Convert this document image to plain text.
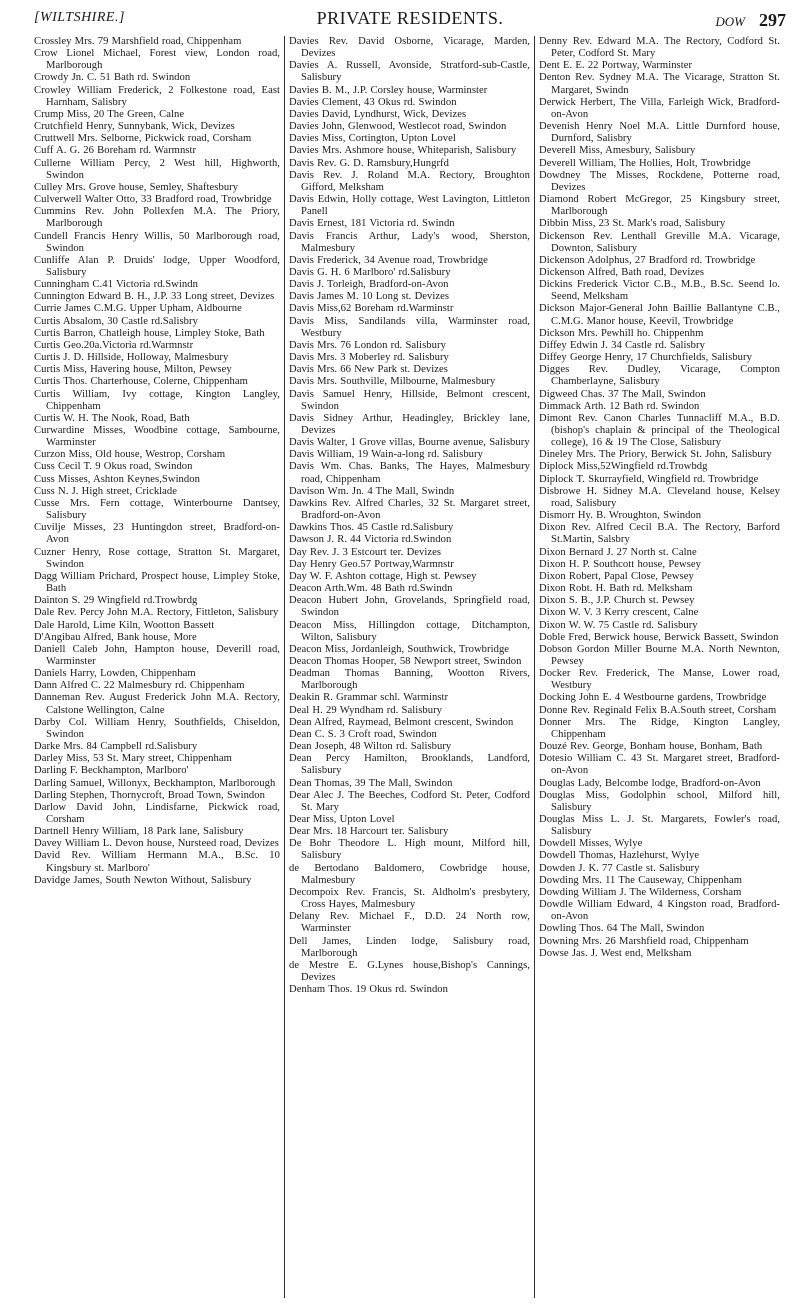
[WILTSHIRE.]	PRIVATE RESIDENTS.	DOW 297
Crossley Mrs. 79 Marshfield road, Chippenham
Crow Lionel Michael, Forest view, London road, Marlborough
Crowdy Jn. C. 51 Bath rd. Swindon
Crowley William Frederick, 2 Folkestone road, East Harnham, Salisbry
Crump Miss, 20 The Green, Calne
Crutchfield Henry, Sunnybank, Wick, Devizes
Cruttwell Mrs. Selborne, Pickwick road, Corsham
Cuff A. G. 26 Boreham rd. Warmnstr
Cullerne William Percy, 2 West hill, Highworth, Swindon
Culley Mrs. Grove house, Semley, Shaftesbury
Culverwell Walter Otto, 33 Bradford road, Trowbridge
Cummins Rev. John Pollexfen M.A. The Priory, Marlborough
Cundell Francis Henry Willis, 50 Marlborough road, Swindon
Cunliffe Alan P. Druids' lodge, Upper Woodford, Salisbury
Cunningham C.41 Victoria rd.Swindn
Cunnington Edward B. H., J.P. 33 Long street, Devizes
Currie James C.M.G. Upper Upham, Aldbourne
Curtis Absalom, 30 Castle rd.Salisbry
Curtis Barron, Chatleigh house, Limpley Stoke, Bath
Curtis Geo.20a.Victoria rd.Warmnstr
Curtis J. D. Hillside, Holloway, Malmesbury
Curtis Miss, Havering house, Milton, Pewsey
Curtis Thos. Charterhouse, Colerne, Chippenham
Curtis William, Ivy cottage, Kington Langley, Chippenham
Curtis W. H. The Nook, Road, Bath
Curwardine Misses, Woodbine cottage, Sambourne, Warminster
Curzon Miss, Old house, Westrop, Corsham
Cuss Cecil T. 9 Okus road, Swindon
Cuss Misses, Ashton Keynes,Swindon
Cuss N. J. High street, Cricklade
Cusse Mrs. Fern cottage, Winterbourne Dantsey, Salisbury
Cuvilje Misses, 23 Huntingdon street, Bradford-on-Avon
Cuzner Henry, Rose cottage, Stratton St. Margaret, Swindon
Dagg William Prichard, Prospect house, Limpley Stoke, Bath
Dainton S. 29 Wingfield rd.Trowbrdg
Dale Rev. Percy John M.A. Rectory, Fittleton, Salisbury
Dale Harold, Lime Kiln, Wootton Bassett
D'Angibau Alfred, Bank house, More
Daniell Caleb John, Hampton house, Deverill road, Warminster
Daniels Harry, Lowden, Chippenham
Dann Alfred C. 22 Malmesbury rd. Chippenham
Danneman Rev. August Frederick John M.A. Rectory, Calstone Wellington, Calne
Darby Col. William Henry, Southfields, Chiseldon, Swindon
Darke Mrs. 84 Campbell rd.Salisbury
Darley Miss, 53 St. Mary street, Chippenham
Darling F. Beckhampton, Marlboro'
Darling Samuel, Willonyx, Beckhampton, Marlborough
Darling Stephen, Thornycroft, Broad Town, Swindon
Darlow David John, Lindisfarne, Pickwick road, Corsham
Dartnell Henry William, 18 Park lane, Salisbury
Davey William L. Devon house, Nursteed road, Devizes
David Rev. William Hermann M.A., B.Sc. 10 Kingsbury st. Marlboro'
Davidge James, South Newton Without, Salisbury
Davies Rev. David Osborne, Vicarage, Marden, Devizes
Davies A. Russell, Avonside, Stratford-sub-Castle, Salisbury
Davies B. M., J.P. Corsley house, Warminster
Davies Clement, 43 Okus rd. Swindon
Davies David, Lyndhurst, Wick, Devizes
Davies John, Glenwood, Westlecot road, Swindon
Davies Miss, Cortington, Upton Lovel
Davies Mrs. Ashmore house, Whiteparish, Salisbury
Davis Rev. G. D. Ramsbury,Hungrfd
Davis Rev. J. Roland M.A. Rectory, Broughton Gifford, Melksham
Davis Edwin, Holly cottage, West Lavington, Littleton Panell
Davis Ernest, 181 Victoria rd. Swindn
Davis Francis Arthur, Lady's wood, Sherston, Malmesbury
Davis Frederick, 34 Avenue road, Trowbridge
Davis G. H. 6 Marlboro' rd.Salisbury
Davis J. Torleigh, Bradford-on-Avon
Davis James M. 10 Long st. Devizes
Davis Miss,62 Boreham rd.Warminstr
Davis Miss, Sandilands villa, Warminster road, Westbury
Davis Mrs. 76 London rd. Salisbury
Davis Mrs. 3 Moberley rd. Salisbury
Davis Mrs. 66 New Park st. Devizes
Davis Mrs. Southville, Milbourne, Malmesbury
Davis Samuel Henry, Hillside, Belmont crescent, Swindon
Davis Sidney Arthur, Headingley, Brickley lane, Devizes
Davis Walter, 1 Grove villas, Bourne avenue, Salisbury
Davis William, 19 Wain-a-long rd. Salisbury
Davis Wm. Chas. Banks, The Hayes, Malmesbury road, Chippenham
Davison Wm. Jn. 4 The Mall, Swindn
Dawkins Rev. Alfred Charles, 32 St. Margaret street, Bradford-on-Avon
Dawkins Thos. 45 Castle rd.Salisbury
Dawson J. R. 44 Victoria rd.Swindon
Day Rev. J. 3 Estcourt ter. Devizes
Day Henry Geo.57 Portway,Warmnstr
Day W. F. Ashton cottage, High st. Pewsey
Deacon Arth.Wm. 48 Bath rd.Swindn
Deacon Hubert John, Grovelands, Springfield road, Swindon
Deacon Miss, Hillingdon cottage, Ditchampton, Wilton, Salisbury
Deacon Miss, Jordanleigh, Southwick, Trowbridge
Deacon Thomas Hooper, 58 Newport street, Swindon
Deadman Thomas Banning, Wootton Rivers, Marlborough
Deakin R. Grammar schl. Warminstr
Deal H. 29 Wyndham rd. Salisbury
Dean Alfred, Raymead, Belmont crescent, Swindon
Dean C. S. 3 Croft road, Swindon
Dean Joseph, 48 Wilton rd. Salisbury
Dean Percy Hamilton, Brooklands, Landford, Salisbury
Dean Thomas, 39 The Mall, Swindon
Dear Alec J. The Beeches, Codford St. Peter, Codford St. Mary
Dear Miss, Upton Lovel
Dear Mrs. 18 Harcourt ter. Salisbury
De Bohr Theodore L. High mount, Milford hill, Salisbury
de Bertodano Baldomero, Cowbridge house, Malmesbury
Decompoix Rev. Francis, St. Aldholm's presbytery, Cross Hayes, Malmesbury
Delany Rev. Michael F., D.D. 24 North row, Warminster
Dell James, Linden lodge, Salisbury road, Marlborough
de Mestre E. G.Lynes house,Bishop's Cannings, Devizes
Denham Thos. 19 Okus rd. Swindon
Denny Rev. Edward M.A. The Rectory, Codford St. Peter, Codford St. Mary
Dent E. E. 22 Portway, Warminster
Denton Rev. Sydney M.A. The Vicarage, Stratton St. Margaret, Swindn
Derwick Herbert, The Villa, Farleigh Wick, Bradford-on-Avon
Devenish Henry Noel M.A. Little Durnford house, Durnford, Salisbry
Deverell Miss, Amesbury, Salisbury
Deverell William, The Hollies, Holt, Trowbridge
Dowdney The Misses, Rockdene, Potterne road, Devizes
Diamond Robert McGregor, 25 Kingsbury street, Marlborough
Dibbin Miss, 23 St. Mark's road, Salisbury
Dickenson Rev. Lenthall Greville M.A. Vicarage, Downton, Salisbury
Dickenson Adolphus, 27 Bradford rd. Trowbridge
Dickenson Alfred, Bath road, Devizes
Dickins Frederick Victor C.B., M.B., B.Sc. Seend lo. Seend, Melksham
Dickson Major-General John Baillie Ballantyne C.B., C.M.G. Manor house, Keevil, Trowbridge
Dickson Mrs. Pewhill ho. Chippenhm
Diffey Edwin J. 34 Castle rd. Salisbry
Diffey George Henry, 17 Churchfields, Salisbury
Digges Rev. Dudley, Vicarage, Compton Chamberlayne, Salisbury
Digweed Chas. 37 The Mall, Swindon
Dimmack Arth. 12 Bath rd. Swindon
Dimont Rev. Canon Charles Tunnacliff M.A., B.D. (bishop's chaplain & principal of the Theological college), 16 & 19 The Close, Salisbury
Dineley Mrs. The Priory, Berwick St. John, Salisbury
Diplock Miss,52Wingfield rd.Trowbdg
Diplock T. Skurrayfield, Wingfield rd. Trowbridge
Disbrowe H. Sidney M.A. Cleveland house, Kelsey road, Salisbury
Dismorr Hy. B. Wroughton, Swindon
Dixon Rev. Alfred Cecil B.A. The Rectory, Barford St.Martin, Salsbry
Dixon Bernard J. 27 North st. Calne
Dixon H. P. Southcott house, Pewsey
Dixon Robert, Papal Close, Pewsey
Dixon Robt. H. Bath rd. Melksham
Dixon S. B., J.P. Church st. Pewsey
Dixon W. V. 3 Kerry crescent, Calne
Dixon W. W. 75 Castle rd. Salisbury
Doble Fred, Berwick house, Berwick Bassett, Swindon
Dobson Gordon Miller Bourne M.A. North Newnton, Pewsey
Docker Rev. Frederick, The Manse, Lower road, Westbury
Docking John E. 4 Westbourne gardens, Trowbridge
Donne Rev. Reginald Felix B.A.South street, Corsham
Donner Mrs. The Ridge, Kington Langley, Chippenham
Douzé Rev. George, Bonham house, Bonham, Bath
Dotesio William C. 43 St. Margaret street, Bradford-on-Avon
Douglas Lady, Belcombe lodge, Bradford-on-Avon
Douglas Miss, Godolphin school, Milford hill, Salisbury
Douglas Miss L. J. St. Margarets, Fowler's road, Salisbury
Dowdell Misses, Wylye
Dowdell Thomas, Hazlehurst, Wylye
Dowden J. K. 77 Castle st. Salisbury
Dowding Mrs. 11 The Causeway, Chippenham
Dowding William J. The Wilderness, Corsham
Dowdle William Edward, 4 Kingston road, Bradford-on-Avon
Dowling Thos. 64 The Mall, Swindon
Downing Mrs. 26 Marshfield road, Chippenham
Dowse Jas. J. West end, Melksham
